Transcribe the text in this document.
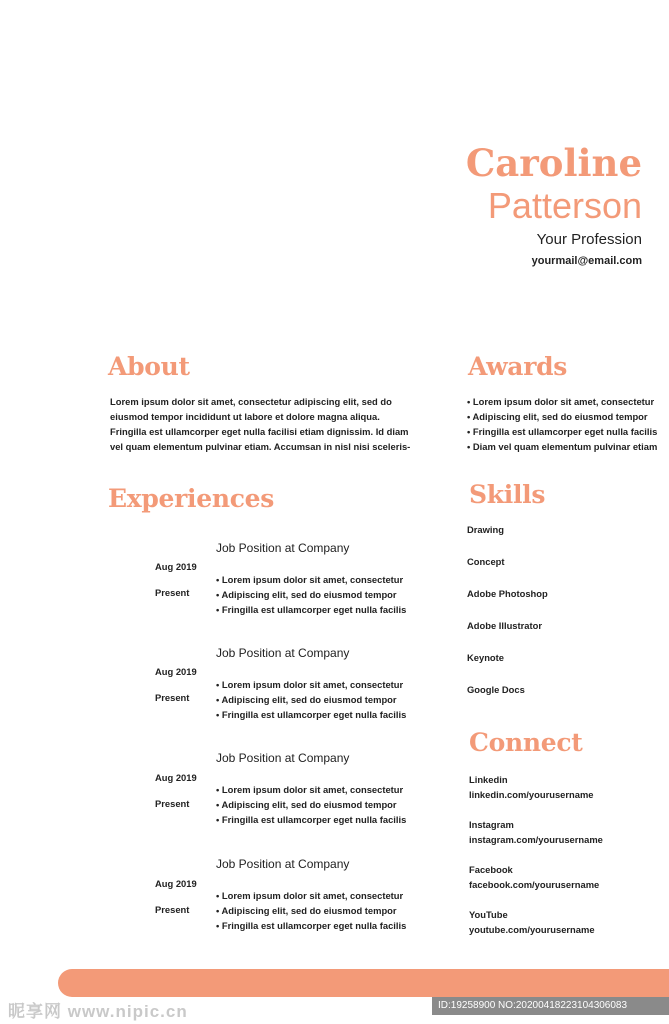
Caroline
Patterson
Your Profession
yourmail@email.com
About
Lorem ipsum dolor sit amet, consectetur adipiscing elit, sed do
eiusmod tempor incididunt ut labore et dolore magna aliqua.
Fringilla est ullamcorper eget nulla facilisi etiam dignissim. Id diam
vel quam elementum pulvinar etiam. Accumsan in nisl nisi sceleris-
Awards
• Lorem ipsum dolor sit amet, consectetur
• Adipiscing elit, sed do eiusmod tempor
• Fringilla est ullamcorper eget nulla facilis
• Diam vel quam elementum pulvinar etiam
Experiences
Job Position at Company
Aug 2019
Present
• Lorem ipsum dolor sit amet, consectetur
• Adipiscing elit, sed do eiusmod tempor
• Fringilla est ullamcorper eget nulla facilis
Job Position at Company
Aug 2019
Present
• Lorem ipsum dolor sit amet, consectetur
• Adipiscing elit, sed do eiusmod tempor
• Fringilla est ullamcorper eget nulla facilis
Job Position at Company
Aug 2019
Present
• Lorem ipsum dolor sit amet, consectetur
• Adipiscing elit, sed do eiusmod tempor
• Fringilla est ullamcorper eget nulla facilis
Job Position at Company
Aug 2019
Present
• Lorem ipsum dolor sit amet, consectetur
• Adipiscing elit, sed do eiusmod tempor
• Fringilla est ullamcorper eget nulla facilis
Skills
Drawing
Concept
Adobe Photoshop
Adobe Illustrator
Keynote
Google Docs
Connect
Linkedin
linkedin.com/yourusername
Instagram
instagram.com/yourusername
Facebook
facebook.com/yourusername
YouTube
youtube.com/yourusername
昵享网 www.nipic.cn	ID:19258900 NO:20200418223104306083
